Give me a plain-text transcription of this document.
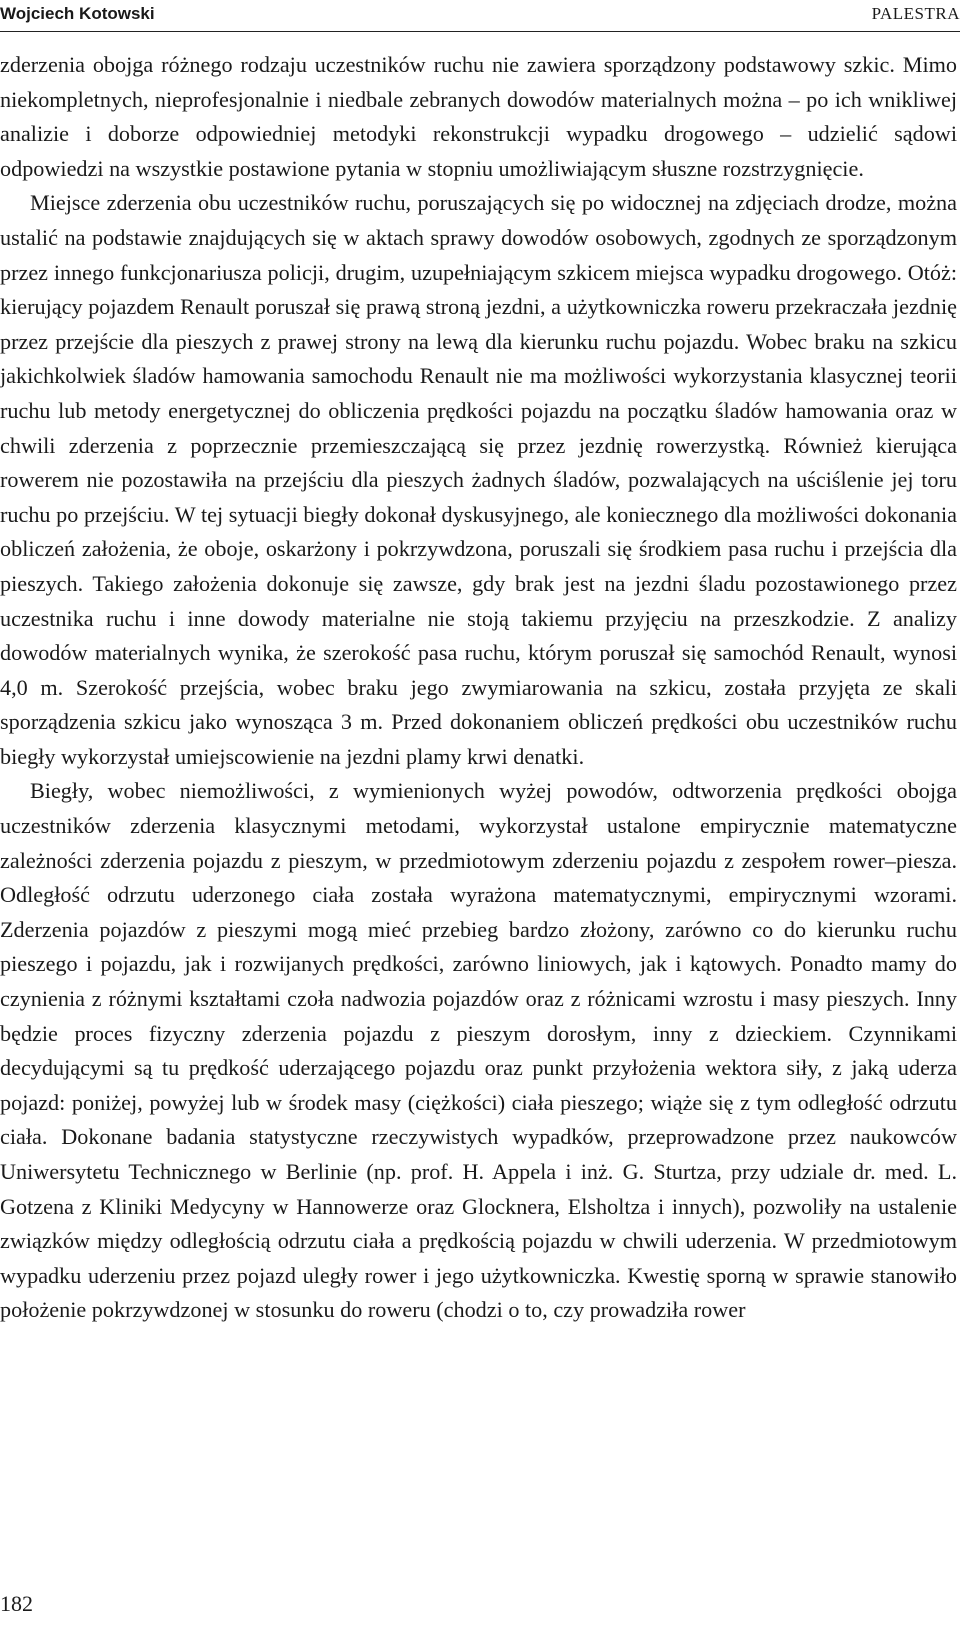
Wojciech Kotowski	PALESTRA

zderzenia obojga różnego rodzaju uczestników ruchu nie zawiera sporządzony podstawowy szkic. Mimo niekompletnych, nieprofesjonalnie i niedbale zebranych dowodów materialnych można – po ich wnikliwej analizie i doborze odpowiedniej metodyki rekonstrukcji wypadku drogowego – udzielić sądowi odpowiedzi na wszystkie postawione pytania w stopniu umożliwiającym słuszne rozstrzygnięcie.

Miejsce zderzenia obu uczestników ruchu, poruszających się po widocznej na zdjęciach drodze, można ustalić na podstawie znajdujących się w aktach sprawy dowodów osobowych, zgodnych ze sporządzonym przez innego funkcjonariusza policji, drugim, uzupełniającym szkicem miejsca wypadku drogowego. Otóż: kierujący pojazdem Renault poruszał się prawą stroną jezdni, a użytkowniczka roweru przekraczała jezdnię przez przejście dla pieszych z prawej strony na lewą dla kierunku ruchu pojazdu. Wobec braku na szkicu jakichkolwiek śladów hamowania samochodu Renault nie ma możliwości wykorzystania klasycznej teorii ruchu lub metody energetycznej do obliczenia prędkości pojazdu na początku śladów hamowania oraz w chwili zderzenia z poprzecznie przemieszczającą się przez jezdnię rowerzystką. Również kierująca rowerem nie pozostawiła na przejściu dla pieszych żadnych śladów, pozwalających na uściślenie jej toru ruchu po przejściu. W tej sytuacji biegły dokonał dyskusyjnego, ale koniecznego dla możliwości dokonania obliczeń założenia, że oboje, oskarżony i pokrzywdzona, poruszali się środkiem pasa ruchu i przejścia dla pieszych. Takiego założenia dokonuje się zawsze, gdy brak jest na jezdni śladu pozostawionego przez uczestnika ruchu i inne dowody materialne nie stoją takiemu przyjęciu na przeszkodzie. Z analizy dowodów materialnych wynika, że szerokość pasa ruchu, którym poruszał się samochód Renault, wynosi 4,0 m. Szerokość przejścia, wobec braku jego zwymiarowania na szkicu, została przyjęta ze skali sporządzenia szkicu jako wynosząca 3 m. Przed dokonaniem obliczeń prędkości obu uczestników ruchu biegły wykorzystał umiejscowienie na jezdni plamy krwi denatki.

Biegły, wobec niemożliwości, z wymienionych wyżej powodów, odtworzenia prędkości obojga uczestników zderzenia klasycznymi metodami, wykorzystał ustalone empirycznie matematyczne zależności zderzenia pojazdu z pieszym, w przedmiotowym zderzeniu pojazdu z zespołem rower–piesza. Odległość odrzutu uderzonego ciała została wyrażona matematycznymi, empirycznymi wzorami. Zderzenia pojazdów z pieszymi mogą mieć przebieg bardzo złożony, zarówno co do kierunku ruchu pieszego i pojazdu, jak i rozwijanych prędkości, zarówno liniowych, jak i kątowych. Ponadto mamy do czynienia z różnymi kształtami czoła nadwozia pojazdów oraz z różnicami wzrostu i masy pieszych. Inny będzie proces fizyczny zderzenia pojazdu z pieszym dorosłym, inny z dzieckiem. Czynnikami decydującymi są tu prędkość uderzającego pojazdu oraz punkt przyłożenia wektora siły, z jaką uderza pojazd: poniżej, powyżej lub w środek masy (ciężkości) ciała pieszego; wiąże się z tym odległość odrzutu ciała. Dokonane badania statystyczne rzeczywistych wypadków, przeprowadzone przez naukowców Uniwersytetu Technicznego w Berlinie (np. prof. H. Appela i inż. G. Sturtza, przy udziale dr. med. L. Gotzena z Kliniki Medycyny w Hannowerze oraz Glocknera, Elsholtza i innych), pozwoliły na ustalenie związków między odległością odrzutu ciała a prędkością pojazdu w chwili uderzenia. W przedmiotowym wypadku uderzeniu przez pojazd uległy rower i jego użytkowniczka. Kwestię sporną w sprawie stanowiło położenie pokrzywdzonej w stosunku do roweru (chodzi o to, czy prowadziła rower

182
